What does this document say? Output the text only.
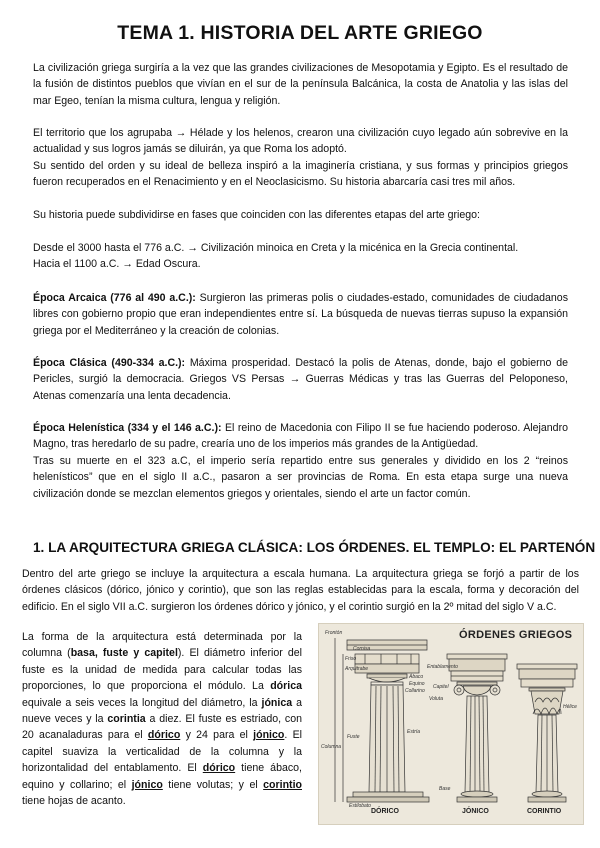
TEMA 1. HISTORIA DEL ARTE GRIEGO

La civilización griega surgiría a la vez que las grandes civilizaciones de Mesopotamia y Egipto. Es el resultado de la fusión de distintos pueblos que vivían en el sur de la península Balcánica, la costa de Anatolia y las islas del mar Egeo, tenían la misma cultura, lengua y religión.

El territorio que los agrupaba → Hélade y los helenos, crearon una civilización cuyo legado aún sobrevive en la actualidad y sus logros jamás se diluirán, ya que Roma los adoptó.
Su sentido del orden y su ideal de belleza inspiró a la imaginería cristiana, y sus formas y principios griegos fueron recuperados en el Renacimiento y en el Neoclasicismo. Su historia abarcaría casi tres mil años.

Su historia puede subdividirse en fases que coinciden con las diferentes etapas del arte griego:

Desde el 3000 hasta el 776 a.C. → Civilización minoica en Creta y la micénica en la Grecia continental.
Hacia el 1100 a.C. → Edad Oscura.

Época Arcaica (776 al 490 a.C.): Surgieron las primeras polis o ciudades-estado, comunidades de ciudadanos libres con gobierno propio que eran independientes entre sí. La búsqueda de nuevas tierras supuso la expansión griega por el Mediterráneo y la creación de colonias.

Época Clásica (490-334 a.C.): Máxima prosperidad. Destacó la polis de Atenas, donde, bajo el gobierno de Pericles, surgió la democracia. Griegos VS Persas → Guerras Médicas y tras las Guerras del Peloponeso, Atenas comenzaría una lenta decadencia.

Época Helenística (334 y el 146 a.C.): El reino de Macedonia con Filipo II se fue haciendo poderoso. Alejandro Magno, tras heredarlo de su padre, crearía uno de los imperios más grandes de la Antigüedad.
Tras su muerte en el 323 a.C, el imperio sería repartido entre sus generales y dividido en los 2 “reinos helenísticos” que en el siglo II a.C., pasaron a ser provincias de Roma. En esta etapa surge una nueva civilización donde se mezclan elementos griegos y orientales, siendo el arte un factor común.

1. LA ARQUITECTURA GRIEGA CLÁSICA: LOS ÓRDENES. EL TEMPLO: EL PARTENÓN

Dentro del arte griego se incluye la arquitectura a escala humana. La arquitectura griega se forjó a partir de los órdenes clásicos (dórico, jónico y corintio), que son las reglas establecidas para la escala, forma y decoración del edificio. En el siglo VII a.C. surgieron los órdenes dórico y jónico, y el corintio surgió en la 2º mitad del siglo V a.C.

La forma de la arquitectura está determinada por la columna (basa, fuste y capitel). El diámetro inferior del fuste es la unidad de medida para calcular todas las proporciones, lo que proporciona el módulo. La dórica equivale a seis veces la longitud del diámetro, la jónica a nueve veces y la corintia a diez. El fuste es estriado, con 20 acanaladuras para el dórico y 24 para el jónico. El capitel suaviza la verticalidad de la columna y la horizontalidad del entablamento. El dórico tiene ábaco, equino y collarino; el jónico tiene volutas; y el corintio tiene hojas de acanto.

ÓRDENES GRIEGOS
Frontón
Cornisa
Friso
Arquitrabe
Ábaco
Equino
Collarino
Estría
Fuste
Columna
Estilobato
Entablamento
Capitel
Voluta
Base
Hélice
DÓRICO	JÓNICO	CORINTIO
